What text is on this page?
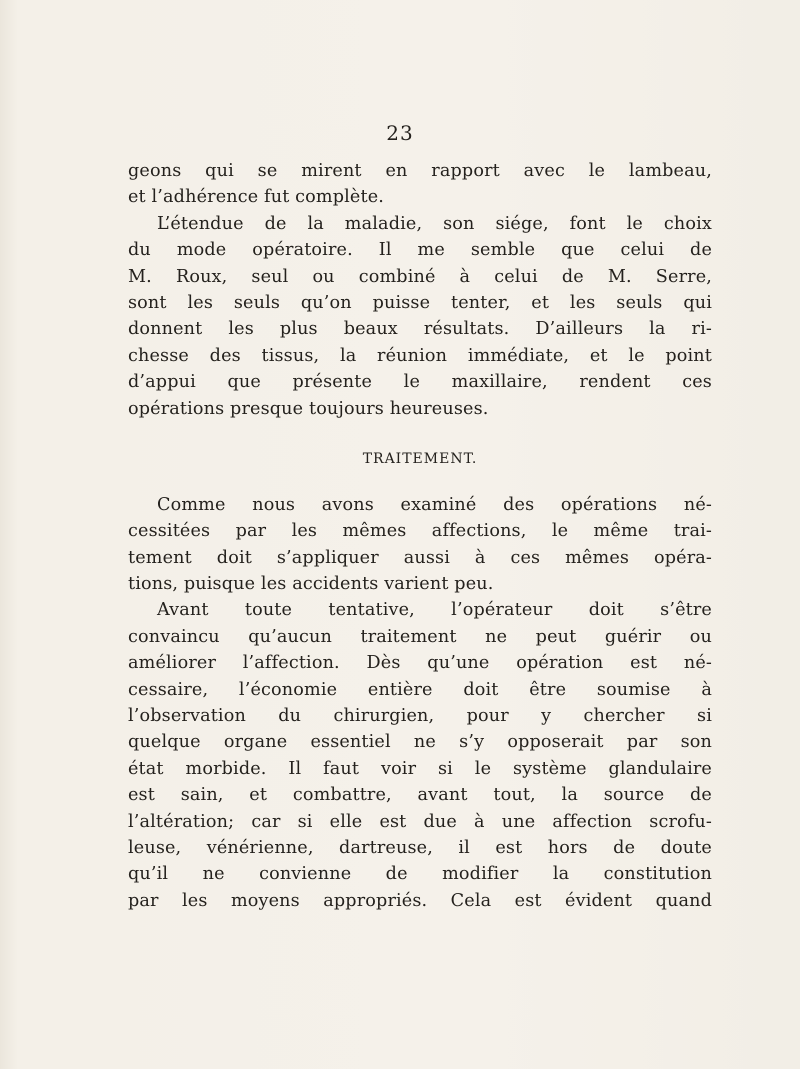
23
geons qui se mirent en rapport avec le lambeau,
et l’adhérence fut complète.
L’étendue de la maladie, son siége, font le choix
du mode opératoire. Il me semble que celui de
M. Roux, seul ou combiné à celui de M. Serre,
sont les seuls qu’on puisse tenter, et les seuls qui
donnent les plus beaux résultats. D’ailleurs la ri-
chesse des tissus, la réunion immédiate, et le point
d’appui que présente le maxillaire, rendent ces
opérations presque toujours heureuses.
TRAITEMENT.
Comme nous avons examiné des opérations né-
cessitées par les mêmes affections, le même trai-
tement doit s’appliquer aussi à ces mêmes opéra-
tions, puisque les accidents varient peu.
Avant toute tentative, l’opérateur doit s’être
convaincu qu’aucun traitement ne peut guérir ou
améliorer l’affection. Dès qu’une opération est né-
cessaire, l’économie entière doit être soumise à
l’observation du chirurgien, pour y chercher si
quelque organe essentiel ne s’y opposerait par son
état morbide. Il faut voir si le système glandulaire
est sain, et combattre, avant tout, la source de
l’altération; car si elle est due à une affection scrofu-
leuse, vénérienne, dartreuse, il est hors de doute
qu’il ne convienne de modifier la constitution
par les moyens appropriés. Cela est évident quand
